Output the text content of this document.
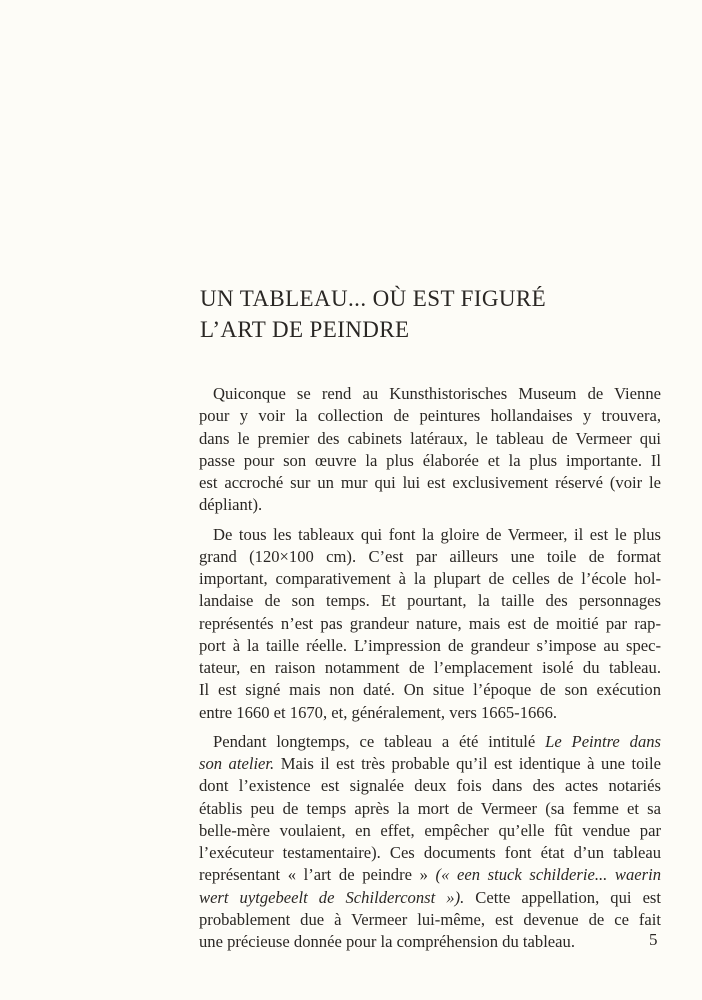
UN TABLEAU... OÙ EST FIGURÉ
L’ART DE PEINDRE

Quiconque se rend au Kunsthistorisches Museum de Vienne
pour y voir la collection de peintures hollandaises y trouvera,
dans le premier des cabinets latéraux, le tableau de Vermeer qui
passe pour son œuvre la plus élaborée et la plus importante. Il
est accroché sur un mur qui lui est exclusivement réservé (voir le
dépliant).

De tous les tableaux qui font la gloire de Vermeer, il est le plus
grand (120×100 cm). C’est par ailleurs une toile de format
important, comparativement à la plupart de celles de l’école hol-
landaise de son temps. Et pourtant, la taille des personnages
représentés n’est pas grandeur nature, mais est de moitié par rap-
port à la taille réelle. L’impression de grandeur s’impose au spec-
tateur, en raison notamment de l’emplacement isolé du tableau.
Il est signé mais non daté. On situe l’époque de son exécution
entre 1660 et 1670, et, généralement, vers 1665-1666.

Pendant longtemps, ce tableau a été intitulé Le Peintre dans
son atelier. Mais il est très probable qu’il est identique à une toile
dont l’existence est signalée deux fois dans des actes notariés
établis peu de temps après la mort de Vermeer (sa femme et sa
belle-mère voulaient, en effet, empêcher qu’elle fût vendue par
l’exécuteur testamentaire). Ces documents font état d’un tableau
représentant « l’art de peindre » (« een stuck schilderie... waerin
wert uytgebeelt de Schilderconst »). Cette appellation, qui est
probablement due à Vermeer lui-même, est devenue de ce fait
une précieuse donnée pour la compréhension du tableau.	5
